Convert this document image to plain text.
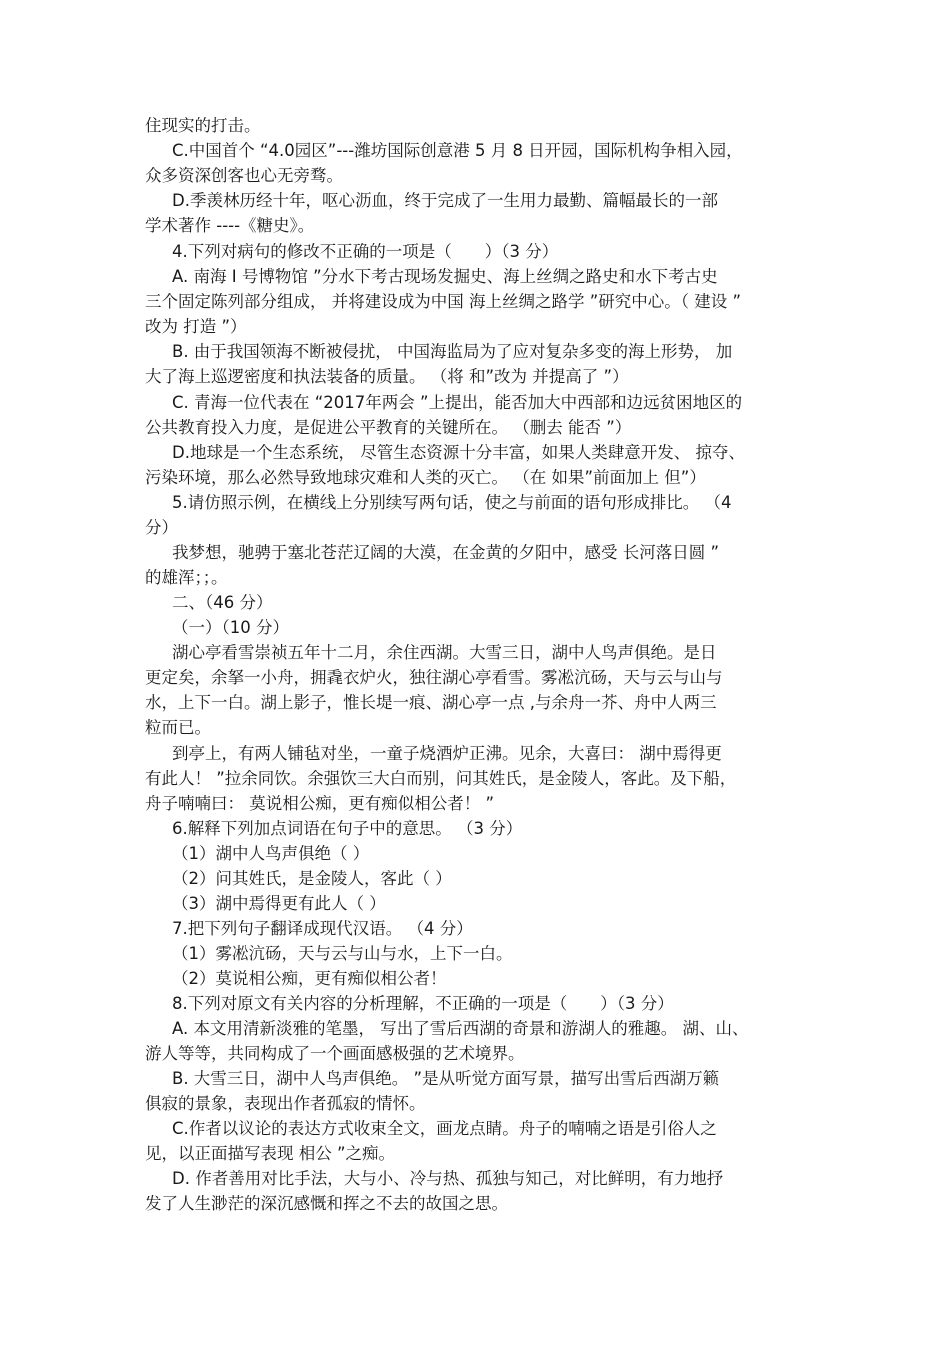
住现实的打击。
C.中国首个 “4.0园区”---潍坊国际创意港 5 月 8 日开园，国际机构争相入园，
众多资深创客也心无旁骛。
D.季羡林历经十年，呕心沥血，终于完成了一生用力最勤、篇幅最长的一部
学术著作 ----《糖史》。
4.下列对病句的修改不正确的一项是（　　）（3 分）
A. 南海 Ⅰ 号博物馆 ”分水下考古现场发掘史、海上丝绸之路史和水下考古史
三个固定陈列部分组成， 并将建设成为中国 海上丝绸之路学 ”研究中心。（ 建设 ”
改为 打造 ”）
B. 由于我国领海不断被侵扰， 中国海监局为了应对复杂多变的海上形势， 加
大了海上巡逻密度和执法装备的质量。 （将 和”改为 并提高了 ”）
C. 青海一位代表在 “2017年两会 ”上提出，能否加大中西部和边远贫困地区的
公共教育投入力度，是促进公平教育的关键所在。 （删去 能否 ”）
D.地球是一个生态系统， 尽管生态资源十分丰富，如果人类肆意开发、 掠夺、
污染环境，那么必然导致地球灾难和人类的灭亡。 （在 如果”前面加上 但”）
5.请仿照示例，在横线上分别续写两句话，使之与前面的语句形成排比。 （4
分）
我梦想，驰骋于塞北苍茫辽阔的大漠，在金黄的夕阳中，感受 长河落日圆 ”
的雄浑；；。
二、（46 分）
（一）（10 分）
湖心亭看雪崇祯五年十二月，余住西湖。大雪三日，湖中人鸟声俱绝。是日
更定矣，余拏一小舟，拥毳衣炉火，独往湖心亭看雪。雾凇沆砀，天与云与山与
水，上下一白。湖上影子，惟长堤一痕、湖心亭一点 ,与余舟一芥、舟中人两三
粒而已。
到亭上，有两人铺毡对坐，一童子烧酒炉正沸。见余，大喜曰： 湖中焉得更
有此人！ ”拉余同饮。余强饮三大白而别，问其姓氏，是金陵人，客此。及下船，
舟子喃喃曰： 莫说相公痴，更有痴似相公者！ ”
6.解释下列加点词语在句子中的意思。 （3 分）
（1）湖中人鸟声俱绝（ ）
（2）问其姓氏，是金陵人，客此（ ）
（3）湖中焉得更有此人（ ）
7.把下列句子翻译成现代汉语。 （4 分）
（1）雾凇沆砀，天与云与山与水，上下一白。
（2）莫说相公痴，更有痴似相公者！
8.下列对原文有关内容的分析理解，不正确的一项是（　　）（3 分）
A. 本文用清新淡雅的笔墨， 写出了雪后西湖的奇景和游湖人的雅趣。 湖、山、
游人等等，共同构成了一个画面感极强的艺术境界。
B. 大雪三日，湖中人鸟声俱绝。 ”是从听觉方面写景，描写出雪后西湖万籁
俱寂的景象，表现出作者孤寂的情怀。
C.作者以议论的表达方式收束全文，画龙点睛。舟子的喃喃之语是引俗人之
见，以正面描写表现 相公 ”之痴。
D. 作者善用对比手法，大与小、冷与热、孤独与知己，对比鲜明，有力地抒
发了人生渺茫的深沉感慨和挥之不去的故国之思。
